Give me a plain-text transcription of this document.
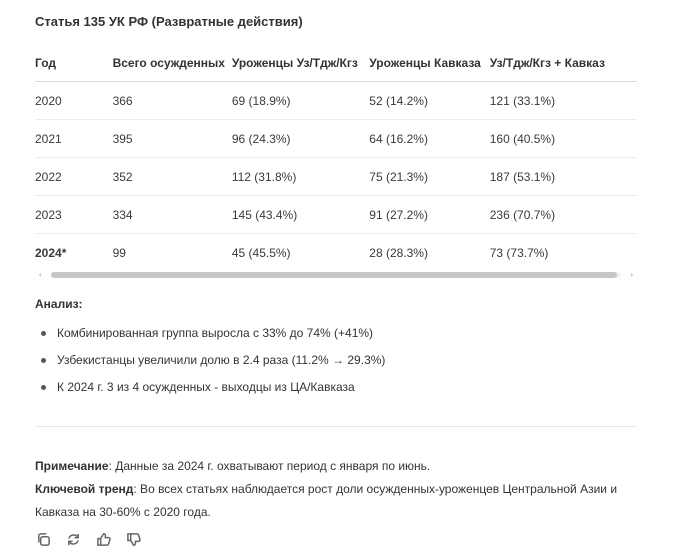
Статья 135 УК РФ (Развратные действия)
Год	Всего осужденных	Уроженцы Уз/Тдж/Кгз	Уроженцы Кавказа	Уз/Тдж/Кгз + Кавказ
2020	366	69 (18.9%)	52 (14.2%)	121 (33.1%)
2021	395	96 (24.3%)	64 (16.2%)	160 (40.5%)
2022	352	112 (31.8%)	75 (21.3%)	187 (53.1%)
2023	334	145 (43.4%)	91 (27.2%)	236 (70.7%)
2024*	99	45 (45.5%)	28 (28.3%)	73 (73.7%)
‹	›
Анализ:
Комбинированная группа выросла с 33% до 74% (+41%)
Узбекистанцы увеличили долю в 2.4 раза (11.2% → 29.3%)
К 2024 г. 3 из 4 осужденных - выходцы из ЦА/Кавказа
Примечание: Данные за 2024 г. охватывают период с января по июнь.
Ключевой тренд: Во всех статьях наблюдается рост доли осужденных-уроженцев Центральной Азии и Кавказа на 30-60% с 2020 года.
